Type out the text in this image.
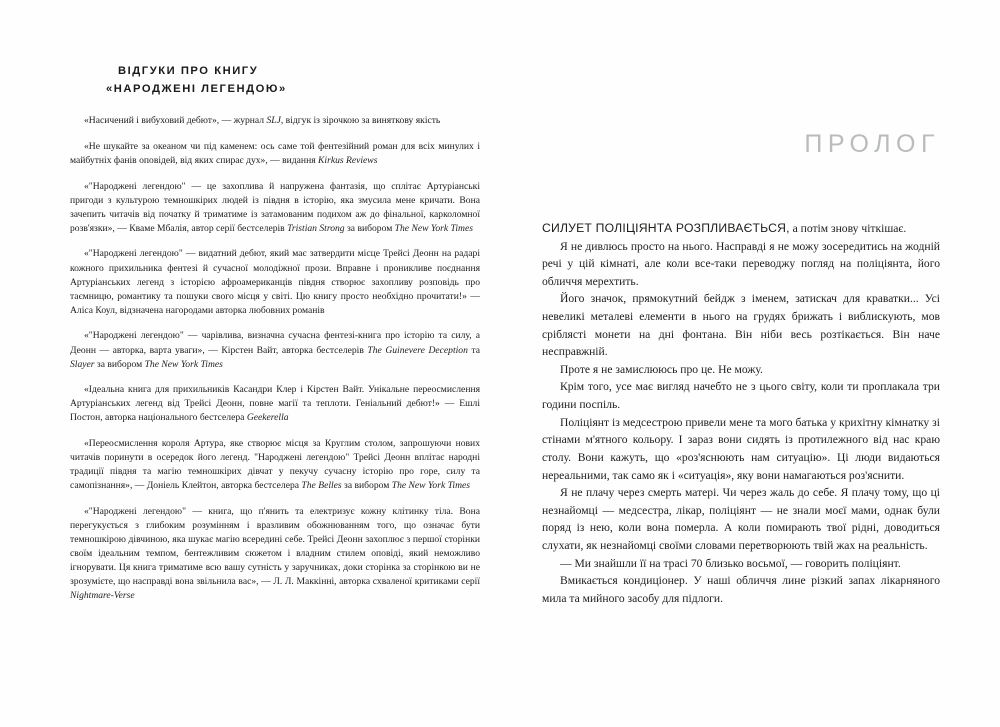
ВІДГУКИ ПРО КНИГУ
«НАРОДЖЕНІ ЛЕГЕНДОЮ»

«Насичений і вибуховий дебют», — журнал SLJ, відгук із зірочкою за виняткову якість

«Не шукайте за океаном чи під каменем: ось саме той фентезійний роман для всіх минулих і майбутніх фанів оповідей, від яких спирає дух», — видання Kirkus Reviews

«"Народжені легендою" — це захоплива й напружена фантазія, що сплітає Артуріанські пригоди з культурою темношкірих людей із півдня в історію, яка змусила мене кричати. Вона зачепить читачів від початку й триматиме із затамованим подихом аж до фінальної, карколомної розв'язки», — Кваме Мбалія, автор серії бестселерів Tristian Strong за вибором The New York Times

«"Народжені легендою" — видатний дебют, який має затвердити місце Трейсі Деонн на радарі кожного прихильника фентезі й сучасної молодіжної прози. Вправне і проникливе поєднання Артуріанських легенд з історією афроамериканців півдня створює захопливу розповідь про таємницю, романтику та пошуки свого місця у світі. Цю книгу просто необхідно прочитати!» — Аліса Коул, відзначена нагородами авторка любовних романів

«"Народжені легендою" — чарівлива, визначна сучасна фентезі-книга про історію та силу, а Деонн — авторка, варта уваги», — Кірстен Вайт, авторка бестселерів The Guinevere Deception та Slayer за вибором The New York Times

«Ідеальна книга для прихильників Касандри Клер і Кірстен Вайт. Унікальне переосмислення Артуріанських легенд від Трейсі Деонн, повне магії та теплоти. Геніальний дебют!» — Ешлі Постон, авторка національного бестселера Geekerella

«Переосмислення короля Артура, яке створює місця за Круглим столом, запрошуючи нових читачів поринути в осередок його легенд. "Народжені легендою" Трейсі Деонн вплітає народні традиції півдня та магію темношкірих дівчат у пекучу сучасну історію про горе, силу та самопізнання», — Доніель Клейтон, авторка бестселера The Belles за вибором The New York Times

«"Народжені легендою" — книга, що п'янить та електризує кожну клітинку тіла. Вона перегукується з глибоким розумінням і вразливим обожнюванням того, що означає бути темношкірою дівчиною, яка шукає магію всередині себе. Трейсі Деонн захоплює з першої сторінки своїм ідеальним темпом, бентежливим сюжетом і владним стилем оповіді, який неможливо ігнорувати. Ця книга триматиме всю вашу сутність у заручниках, доки сторінка за сторінкою ви не зрозумієте, що насправді вона звільнила вас», — Л. Л. Маккінні, авторка схваленої критиками серії Nightmare-Verse

ПРОЛОГ

СИЛУЕТ ПОЛІЦІЯНТА РОЗПЛИВАЄТЬСЯ, а потім знову чіткішає.

Я не дивлюсь просто на нього. Насправді я не можу зосередитись на жодній речі у цій кімнаті, але коли все-таки переводжу погляд на поліціянта, його обличчя мерехтить.

Його значок, прямокутний бейдж з іменем, затискач для краватки... Усі невеликі металеві елементи в нього на грудях брижать і виблискують, мов сріблясті монети на дні фонтана. Він ніби весь розтікається. Він наче несправжній.

Проте я не замислююсь про це. Не можу.

Крім того, усе має вигляд начебто не з цього світу, коли ти проплакала три години поспіль.

Поліціянт із медсестрою привели мене та мого батька у крихітну кімнатку зі стінами м'ятного кольору. І зараз вони сидять із протилежного від нас краю столу. Вони кажуть, що «роз'яснюють нам ситуацію». Ці люди видаються нереальними, так само як і «ситуація», яку вони намагаються роз'яснити.

Я не плачу через смерть матері. Чи через жаль до себе. Я плачу тому, що ці незнайомці — медсестра, лікар, поліціянт — не знали моєї мами, однак були поряд із нею, коли вона померла. А коли помирають твої рідні, доводиться слухати, як незнайомці своїми словами перетворюють твій жах на реальність.

— Ми знайшли її на трасі 70 близько восьмої, — говорить поліціянт.

Вмикається кондиціонер. У наші обличчя лине різкий запах лікарняного мила та мийного засобу для підлоги.
